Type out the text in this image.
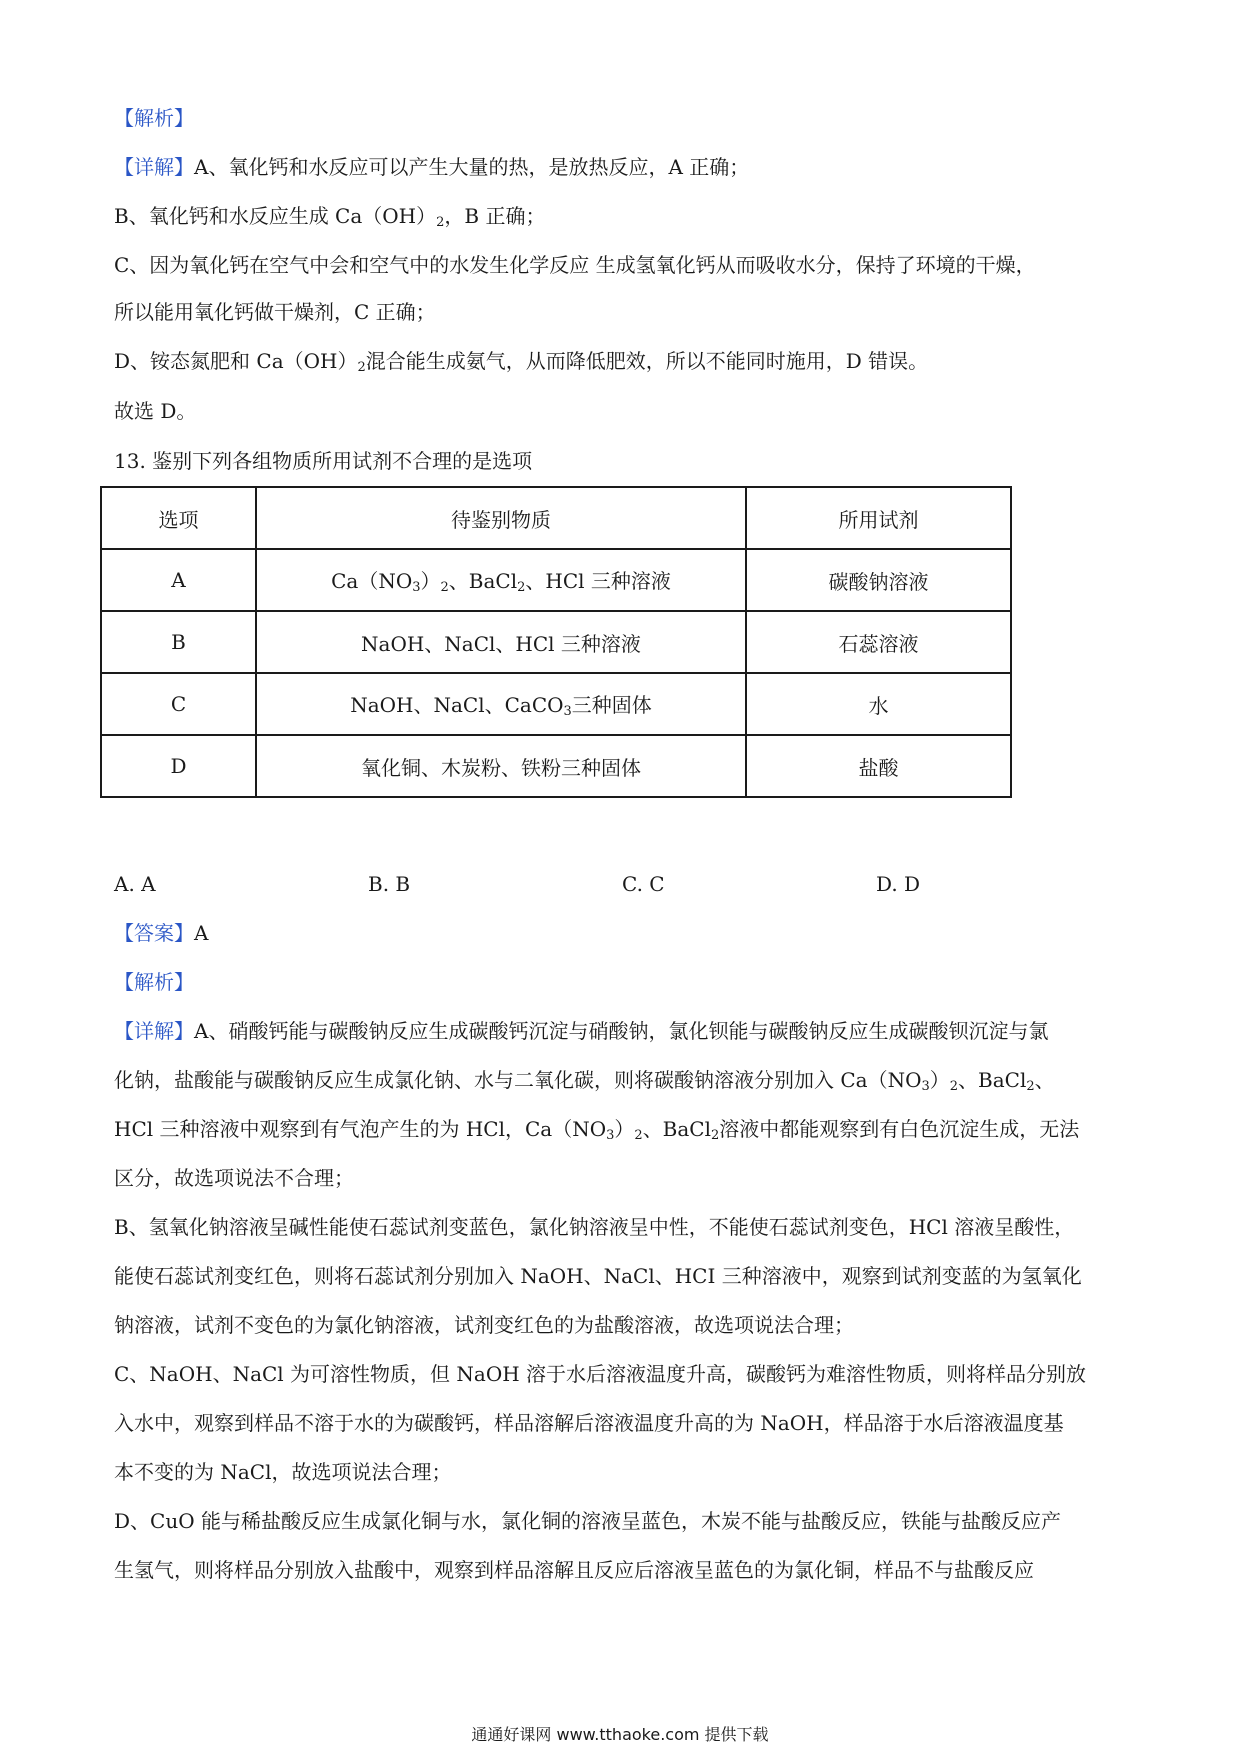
【解析】
【详解】A、氧化钙和水反应可以产生大量的热，是放热反应，A 正确；
B、氧化钙和水反应生成 $Ca(OH)_2$，B 正确；
C、因为氧化钙在空气中会和空气中的水发生化学反应 生成氢氧化钙从而吸收水分，保持了环境的干燥，
所以能用氧化钙做干燥剂，C 正确；
D、铵态氮肥和 $Ca(OH)_2$混合能生成氨气，从而降低肥效，所以不能同时施用，D 错误。
故选 D。
13. 鉴别下列各组物质所用试剂不合理的是选项
选项	待鉴别物质	所用试剂
A	$Ca(NO_3)_2$、BaCl$_2$、HCl 三种溶液	碳酸钠溶液
B	NaOH、NaCl、HCl 三种溶液	石蕊溶液
C	NaOH、NaCl、CaCO$_3$三种固体	水
D	氧化铜、木炭粉、铁粉三种固体	盐酸
A. A	B. B	C. C	D. D
【答案】A
【解析】
【详解】A、硝酸钙能与碳酸钠反应生成碳酸钙沉淀与硝酸钠，氯化钡能与碳酸钠反应生成碳酸钡沉淀与氯
化钠，盐酸能与碳酸钠反应生成氯化钠、水与二氧化碳，则将碳酸钠溶液分别加入 $Ca(NO_3)_2$、BaCl$_2$、
HCl 三种溶液中观察到有气泡产生的为 HCl，$Ca(NO_3)_2$、BaCl$_2$溶液中都能观察到有白色沉淀生成，无法
区分，故选项说法不合理；
B、氢氧化钠溶液呈碱性能使石蕊试剂变蓝色，氯化钠溶液呈中性，不能使石蕊试剂变色，HCl 溶液呈酸性，
能使石蕊试剂变红色，则将石蕊试剂分别加入 NaOH、NaCl、HCI 三种溶液中，观察到试剂变蓝的为氢氧化
钠溶液，试剂不变色的为氯化钠溶液，试剂变红色的为盐酸溶液，故选项说法合理；
C、NaOH、NaCl 为可溶性物质，但 NaOH 溶于水后溶液温度升高，碳酸钙为难溶性物质，则将样品分别放
入水中，观察到样品不溶于水的为碳酸钙，样品溶解后溶液温度升高的为 NaOH，样品溶于水后溶液温度基
本不变的为 NaCl，故选项说法合理；
D、CuO 能与稀盐酸反应生成氯化铜与水，氯化铜的溶液呈蓝色，木炭不能与盐酸反应，铁能与盐酸反应产
生氢气，则将样品分别放入盐酸中，观察到样品溶解且反应后溶液呈蓝色的为氯化铜，样品不与盐酸反应
通通好课网 www.tthaoke.com 提供下载
